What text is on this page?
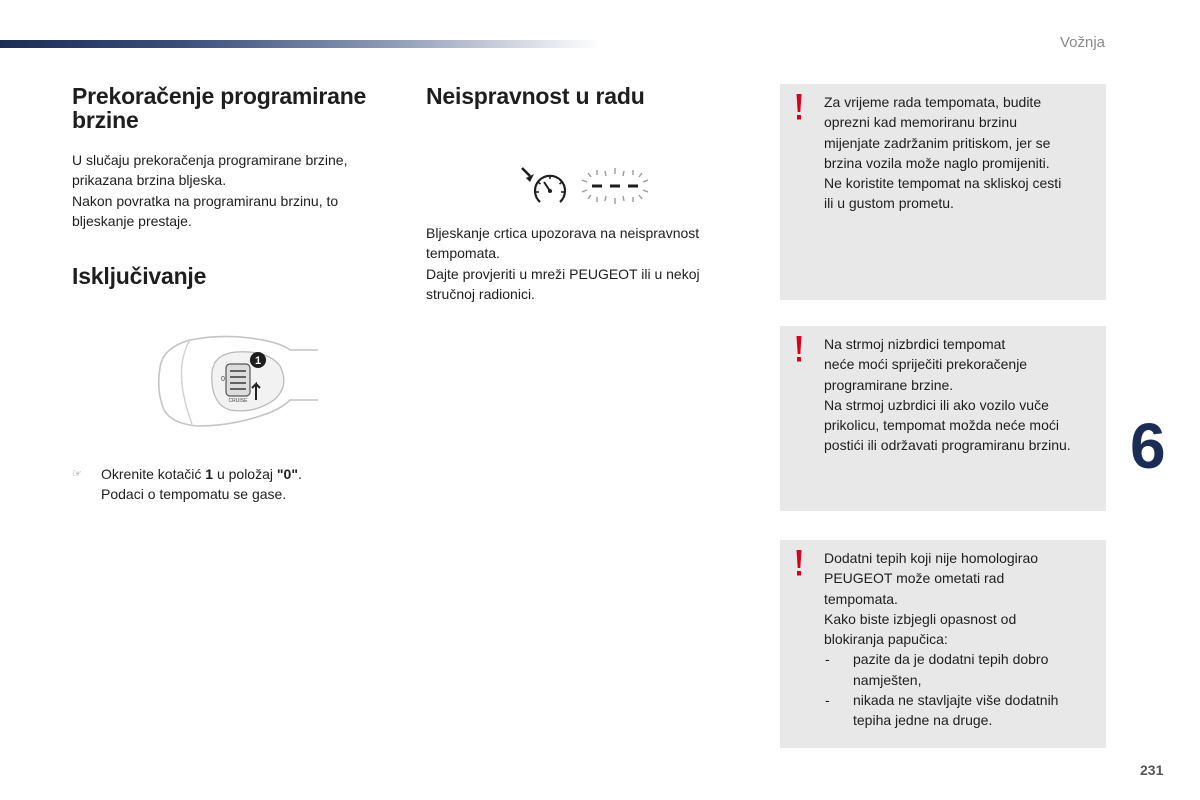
Vožnja
Prekoračenje programirane
brzine
U slučaju prekoračenja programirane brzine,
prikazana brzina bljeska.
Nakon povratka na programiranu brzinu, to
bljeskanje prestaje.
Isključivanje
0
1
CRUISE
☞ Okrenite kotačić 1 u položaj "0".
Podaci o tempomatu se gase.
Neispravnost u radu
Bljeskanje crtica upozorava na neispravnost
tempomata.
Dajte provjeriti u mreži PEUGEOT ili u nekoj
stručnoj radionici.
Za vrijeme rada tempomata, budite
oprezni kad memoriranu brzinu
mijenjate zadržanim pritiskom, jer se
brzina vozila može naglo promijeniti.
Ne koristite tempomat na skliskoj cesti
ili u gustom prometu.
Na strmoj nizbrdici tempomat
neće moći spriječiti prekoračenje
programirane brzine.
Na strmoj uzbrdici ili ako vozilo vuče
prikolicu, tempomat možda neće moći
postići ili održavati programiranu brzinu.
Dodatni tepih koji nije homologirao
PEUGEOT može ometati rad
tempomata.
Kako biste izbjegli opasnost od
blokiranja papučica:
- pazite da je dodatni tepih dobro
namješten,
- nikada ne stavljajte više dodatnih
tepiha jedne na druge.
6
231
